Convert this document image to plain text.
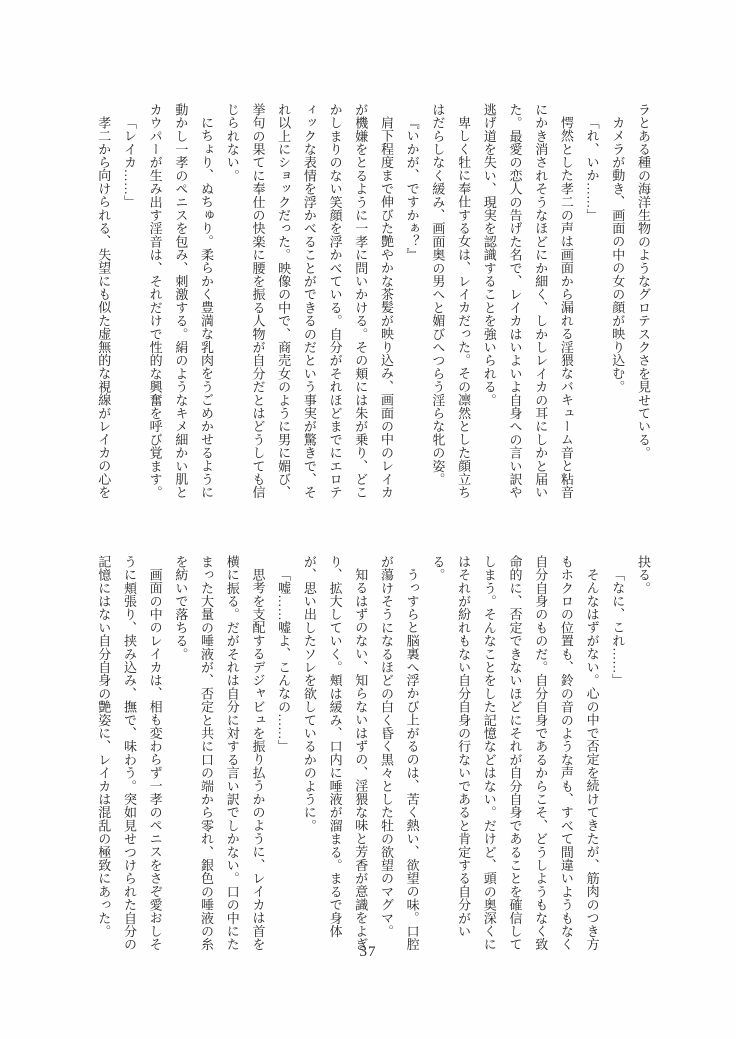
ラとある種の海洋生物のようなグロテスクさを見せている。

カメラが動き、画面の中の女の顔が映り込む。

「れ、いか……」

愕然とした孝二の声は画面から漏れる淫猥なバキューム音と粘音

にかき消されそうなほどにか細く、しかしレイカの耳にしかと届い

た。最愛の恋人の告げた名で、レイカはいよいよ自身への言い訳や

逃げ道を失い、現実を認識することを強いられる。

卑しく牡に奉仕する女は、レイカだった。その凛然とした顔立ち

はだらしなく緩み、画面奥の男へと媚びへつらう淫らな牝の姿。

『いかが、ですかぁ？』

肩下程度まで伸びた艶やかな茶髪が映り込み、画面の中のレイカ

が機嫌をとるように一孝に問いかける。その頬には朱が乗り、どこ

かしまりのない笑顔を浮かべている。自分がそれほどまでにエロテ

ィックな表情を浮かべることができるのだという事実が驚きで、そ

れ以上にショックだった。映像の中で、商売女のように男に媚び、

挙句の果てに奉仕の快楽に腰を振る人物が自分だとはどうしても信

じられない。

にちょり、ぬちゅり。柔らかく豊満な乳肉をうごめかせるように

動かし一孝のペニスを包み、刺激する。絹のようなキメ細かい肌と

カウパーが生み出す淫音は、それだけで性的な興奮を呼び覚ます。

「レイカ……」

孝二から向けられる、失望にも似た虚無的な視線がレイカの心を

抉る。

「なに、これ……」

そんなはずがない。心の中で否定を続けてきたが、筋肉のつき方

もホクロの位置も、鈴の音のような声も、すべて間違いようもなく

自分自身のものだ。自分自身であるからこそ、どうしようもなく致

命的に、否定できないほどにそれが自分自身であることを確信して

しまう。そんなことをした記憶などはない。だけど、頭の奥深くに

はそれが紛れもない自分自身の行ないであると肯定する自分がい

る。

うっすらと脳裏へ浮かび上がるのは、苦く熱い、欲望の味。口腔

が蕩けそうになるほどの白く昏く黒々とした牡の欲望のマグマ。

知るはずのない、知らないはずの、淫猥な味と芳香が意識をよぎ

り、拡大していく。頬は緩み、口内に唾液が溜まる。まるで身体

が、思い出したソレを欲しているかのように。

「嘘……嘘よ、こんなの……」

思考を支配するデジャビュを振り払うかのように、レイカは首を

横に振る。だがそれは自分に対する言い訳でしかない。口の中にた

まった大量の唾液が、否定と共に口の端から零れ、銀色の唾液の糸

を紡いで落ちる。

画面の中のレイカは、相も変わらず一孝のペニスをさぞ愛おしそ

うに頬張り、挟み込み、撫で、味わう。突如見せつけられた自分の

記憶にはない自分自身の艶姿に、レイカは混乱の極致にあった。

37
